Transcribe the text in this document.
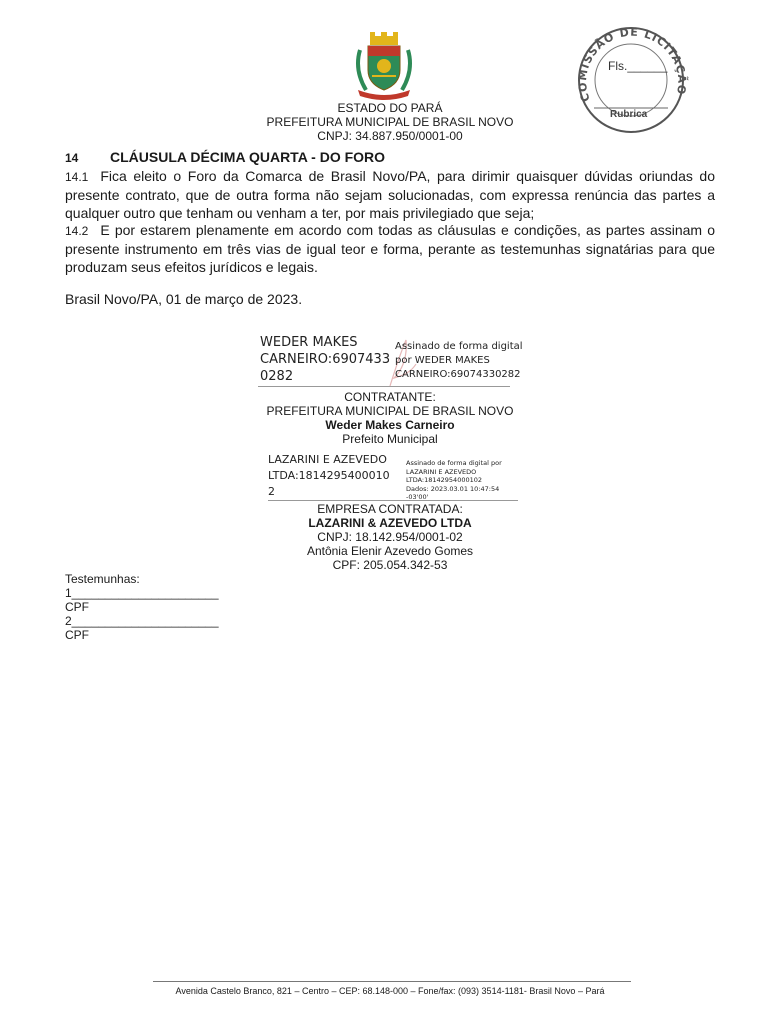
ESTADO DO PARÁ
PREFEITURA MUNICIPAL DE BRASIL NOVO
CNPJ: 34.887.950/0001-00
COMISSÃO DE LICITAÇÃO
Fls.______
Rubrica
14 CLÁUSULA DÉCIMA QUARTA - DO FORO
14.1 Fica eleito o Foro da Comarca de Brasil Novo/PA, para dirimir quaisquer dúvidas oriundas do presente contrato, que de outra forma não sejam solucionadas, com expressa renúncia das partes a qualquer outro que tenham ou venham a ter, por mais privilegiado que seja;
14.2 E por estarem plenamente em acordo com todas as cláusulas e condições, as partes assinam o presente instrumento em três vias de igual teor e forma, perante as testemunhas signatárias para que produzam seus efeitos jurídicos e legais.
Brasil Novo/PA, 01 de março de 2023.
WEDER MAKES
CARNEIRO:6907433
0282
Assinado de forma digital
por WEDER MAKES
CARNEIRO:69074330282
CONTRATANTE:
PREFEITURA MUNICIPAL DE BRASIL NOVO
Weder Makes Carneiro
Prefeito Municipal
LAZARINI E AZEVEDO
LTDA:1814295400010
2
Assinado de forma digital por
LAZARINI E AZEVEDO
LTDA:18142954000102
Dados: 2023.03.01 10:47:54 -03'00'
EMPRESA CONTRATADA:
LAZARINI & AZEVEDO LTDA
CNPJ: 18.142.954/0001-02
Antônia Elenir Azevedo Gomes
CPF: 205.054.342-53
Testemunhas:
1______________________
CPF
2______________________
CPF
Avenida Castelo Branco, 821 – Centro – CEP: 68.148-000 – Fone/fax: (093) 3514-1181- Brasil Novo – Pará
